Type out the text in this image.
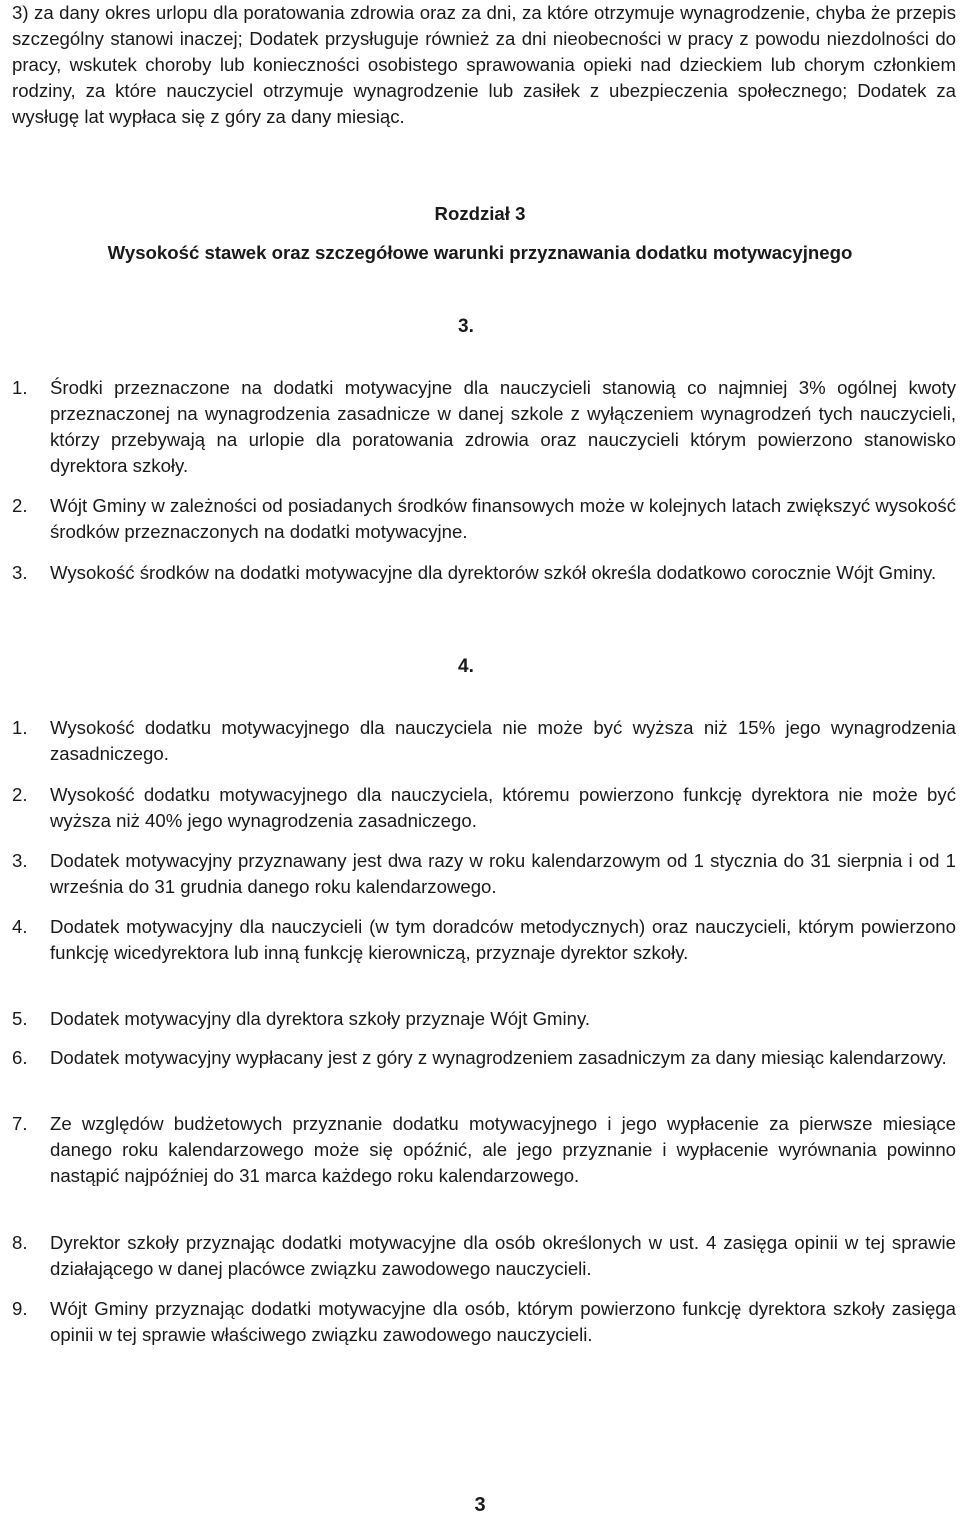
3) za dany okres urlopu dla poratowania zdrowia oraz za dni, za które otrzymuje wynagrodzenie, chyba że przepis szczególny stanowi inaczej; Dodatek przysługuje również za dni nieobecności w pracy z powodu niezdolności do pracy, wskutek choroby lub konieczności osobistego sprawowania opieki nad dzieckiem lub chorym członkiem rodziny, za które nauczyciel otrzymuje wynagrodzenie lub zasiłek z ubezpieczenia społecznego; Dodatek za wysługę lat wypłaca się z góry za dany miesiąc.
Rozdział 3
Wysokość stawek oraz szczegółowe warunki przyznawania dodatku motywacyjnego
3.
1.	Środki przeznaczone na dodatki motywacyjne dla nauczycieli stanowią co najmniej 3% ogólnej kwoty przeznaczonej na wynagrodzenia zasadnicze w danej szkole z wyłączeniem wynagrodzeń tych nauczycieli, którzy przebywają na urlopie dla poratowania zdrowia oraz nauczycieli którym powierzono stanowisko dyrektora szkoły.
2.	Wójt Gminy w zależności od posiadanych środków finansowych może w kolejnych latach zwiększyć wysokość środków przeznaczonych na dodatki motywacyjne.
3.	Wysokość środków na dodatki motywacyjne dla dyrektorów szkół określa dodatkowo corocznie Wójt Gminy.
4.
1.	Wysokość dodatku motywacyjnego dla nauczyciela nie może być wyższa niż 15% jego wynagrodzenia zasadniczego.
2.	Wysokość dodatku motywacyjnego dla nauczyciela, któremu powierzono funkcję dyrektora nie może być wyższa niż 40% jego wynagrodzenia zasadniczego.
3.	Dodatek motywacyjny przyznawany jest dwa razy w roku kalendarzowym od 1 stycznia do 31 sierpnia i od 1 września do 31 grudnia danego roku kalendarzowego.
4.	Dodatek motywacyjny dla nauczycieli (w tym doradców metodycznych) oraz nauczycieli, którym powierzono funkcję wicedyrektora lub inną funkcję kierowniczą, przyznaje dyrektor szkoły.
5.	Dodatek motywacyjny dla dyrektora szkoły przyznaje Wójt Gminy.
6.	Dodatek motywacyjny wypłacany jest z góry z wynagrodzeniem zasadniczym za dany miesiąc kalendarzowy.
7.	Ze względów budżetowych przyznanie dodatku motywacyjnego i jego wypłacenie za pierwsze miesiące danego roku kalendarzowego może się opóźnić, ale jego przyznanie i wypłacenie wyrównania powinno nastąpić najpóźniej do 31 marca każdego roku kalendarzowego.
8.	Dyrektor szkoły przyznając dodatki motywacyjne dla osób określonych w ust. 4 zasięga opinii w tej sprawie działającego w danej placówce związku zawodowego nauczycieli.
9.	Wójt Gminy przyznając dodatki motywacyjne dla osób, którym powierzono funkcję dyrektora szkoły zasięga opinii w tej sprawie właściwego związku zawodowego nauczycieli.
3
